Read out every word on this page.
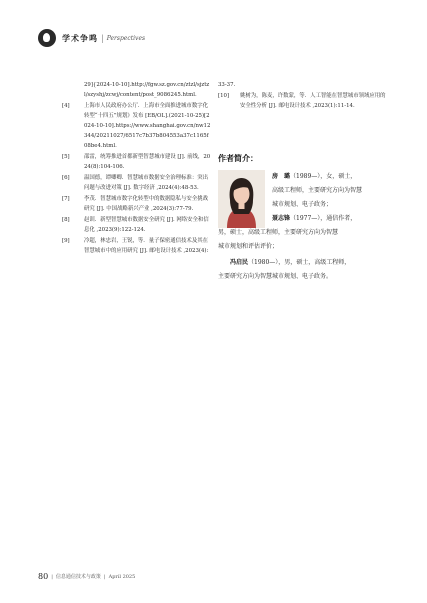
学术争鸣 | Perspectives
29]{2024-10-10].http://fgw.sz.gov.cn/ztzl/sjztzl/szyshj/zcwj/content/post_9086245.html.
[4]	上海市人民政府办公厅．上海市全面推进城市数字化转型“十四五”规划》发布 [EB/OL].(2021-10-25)[2024-10-10].https://www.shanghai.gov.cn/nw12344/20211027/6517c7b37b804553a37c1165f08be4.html.
[5]	邵雷，统筹推进首都新型智慧城市建设 [J]. 前线，2024(8):104-106.
[6]	温国德，谭卿卿．智慧城市数据安全治理标准：突出问题与改进对策 [J]. 数字经济 ,2024(4):48-53.
[7]	李茂．智慧城市数字化转型中的数据隐私与安全挑战研究 [J]. 中国战略新兴产业 ,2024(3):77-79.
[8]	赵训．新型智慧城市数据安全研究 [J]. 网络安全和信息化 ,2023(9):122-124.
[9]	冷超，林忠岩，王锐，等．量子保密通信技术及其在智慧城市中的应用研究 [J]. 邮电设计技术 ,2023(4):
33-37.
[10] 姚树为，陈麦，许数蒙，等．人工智能在智慧城市领域应用的安全性分析 [J]. 邮电设计技术 ,2023(1):11-14.
作者简介：
房　璐（1989—），女，硕士，
高级工程师，主要研究方向为智慧
城市规划、电子政务；
聂志锋（1977—），通信作者，
男，硕士，高级工程师，主要研究方向为智慧
城市规划和评估评价；
冯启民（1980—），男，硕士，高级工程师，
主要研究方向为智慧城市规划、电子政务。
80 | 信息通信技术与政策 | April 2025
